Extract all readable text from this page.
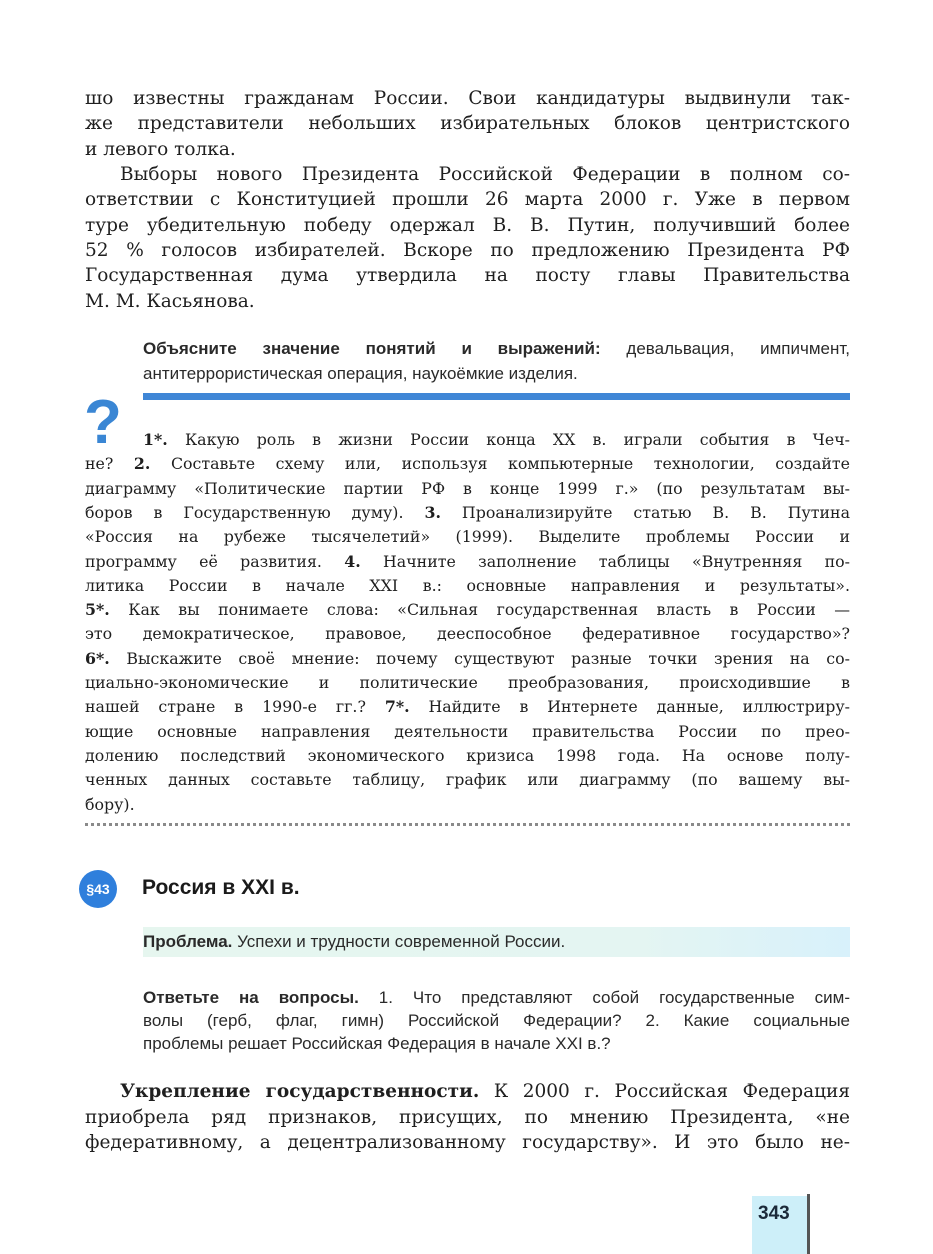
шо известны гражданам России. Свои кандидатуры выдвинули так-
же представители небольших избирательных блоков центристского
и левого толка.
Выборы нового Президента Российской Федерации в полном со-
ответствии с Конституцией прошли 26 марта 2000 г. Уже в первом
туре убедительную победу одержал В. В. Путин, получивший более
52 % голосов избирателей. Вскоре по предложению Президента РФ
Государственная дума утвердила на посту главы Правительства
М. М. Касьянова.
Объясните значение понятий и выражений: девальвация, импичмент,
антитеррористическая операция, наукоёмкие изделия.
? 1*. Какую роль в жизни России конца XX в. играли события в Чеч-
не? 2. Составьте схему или, используя компьютерные технологии, создайте
диаграмму «Политические партии РФ в конце 1999 г.» (по результатам вы-
боров в Государственную думу). 3. Проанализируйте статью В. В. Путина
«Россия на рубеже тысячелетий» (1999). Выделите проблемы России и
программу её развития. 4. Начните заполнение таблицы «Внутренняя по-
литика России в начале XXI в.: основные направления и результаты».
5*. Как вы понимаете слова: «Сильная государственная власть в России —
это демократическое, правовое, дееспособное федеративное государство»?
6*. Выскажите своё мнение: почему существуют разные точки зрения на со-
циально-экономические и политические преобразования, происходившие в
нашей стране в 1990-е гг.? 7*. Найдите в Интернете данные, иллюстриру-
ющие основные направления деятельности правительства России по прео-
долению последствий экономического кризиса 1998 года. На основе полу-
ченных данных составьте таблицу, график или диаграмму (по вашему вы-
бору).
§43	Россия в XXI в.
Проблема. Успехи и трудности современной России.
Ответьте на вопросы. 1. Что представляют собой государственные сим-
волы (герб, флаг, гимн) Российской Федерации? 2. Какие социальные
проблемы решает Российская Федерация в начале XXI в.?
Укрепление государственности. К 2000 г. Российская Федерация
приобрела ряд признаков, присущих, по мнению Президента, «не
федеративному, а децентрализованному государству». И это было не-
343
